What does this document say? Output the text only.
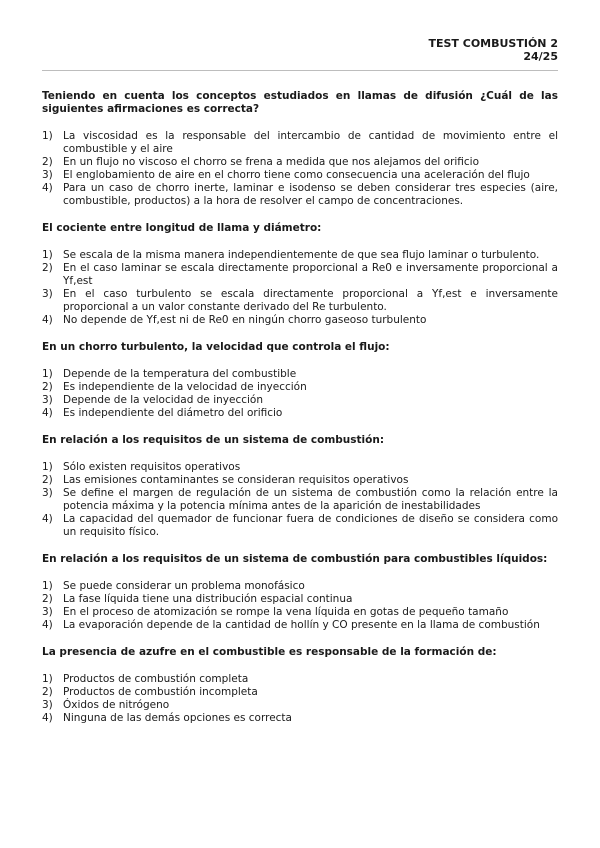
TEST COMBUSTIÓN 2
24/25

Teniendo en cuenta los conceptos estudiados en llamas de difusión ¿Cuál de las siguientes afirmaciones es correcta?

1) La viscosidad es la responsable del intercambio de cantidad de movimiento entre el combustible y el aire
2) En un flujo no viscoso el chorro se frena a medida que nos alejamos del orificio
3) El englobamiento de aire en el chorro tiene como consecuencia una aceleración del flujo
4) Para un caso de chorro inerte, laminar e isodenso se deben considerar tres especies (aire, combustible, productos) a la hora de resolver el campo de concentraciones.

El cociente entre longitud de llama y diámetro:

1) Se escala de la misma manera independientemente de que sea flujo laminar o turbulento.
2) En el caso laminar se escala directamente proporcional a Re0 e inversamente proporcional a Yf,est
3) En el caso turbulento se escala directamente proporcional a Yf,est e inversamente proporcional a un valor constante derivado del Re turbulento.
4) No depende de Yf,est ni de Re0 en ningún chorro gaseoso turbulento

En un chorro turbulento, la velocidad que controla el flujo:

1) Depende de la temperatura del combustible
2) Es independiente de la velocidad de inyección
3) Depende de la velocidad de inyección
4) Es independiente del diámetro del orificio

En relación a los requisitos de un sistema de combustión:

1) Sólo existen requisitos operativos
2) Las emisiones contaminantes se consideran requisitos operativos
3) Se define el margen de regulación de un sistema de combustión como la relación entre la potencia máxima y la potencia mínima antes de la aparición de inestabilidades
4) La capacidad del quemador de funcionar fuera de condiciones de diseño se considera como un requisito físico.

En relación a los requisitos de un sistema de combustión para combustibles líquidos:

1) Se puede considerar un problema monofásico
2) La fase líquida tiene una distribución espacial continua
3) En el proceso de atomización se rompe la vena líquida en gotas de pequeño tamaño
4) La evaporación depende de la cantidad de hollín y CO presente en la llama de combustión

La presencia de azufre en el combustible es responsable de la formación de:

1) Productos de combustión completa
2) Productos de combustión incompleta
3) Óxidos de nitrógeno
4) Ninguna de las demás opciones es correcta
